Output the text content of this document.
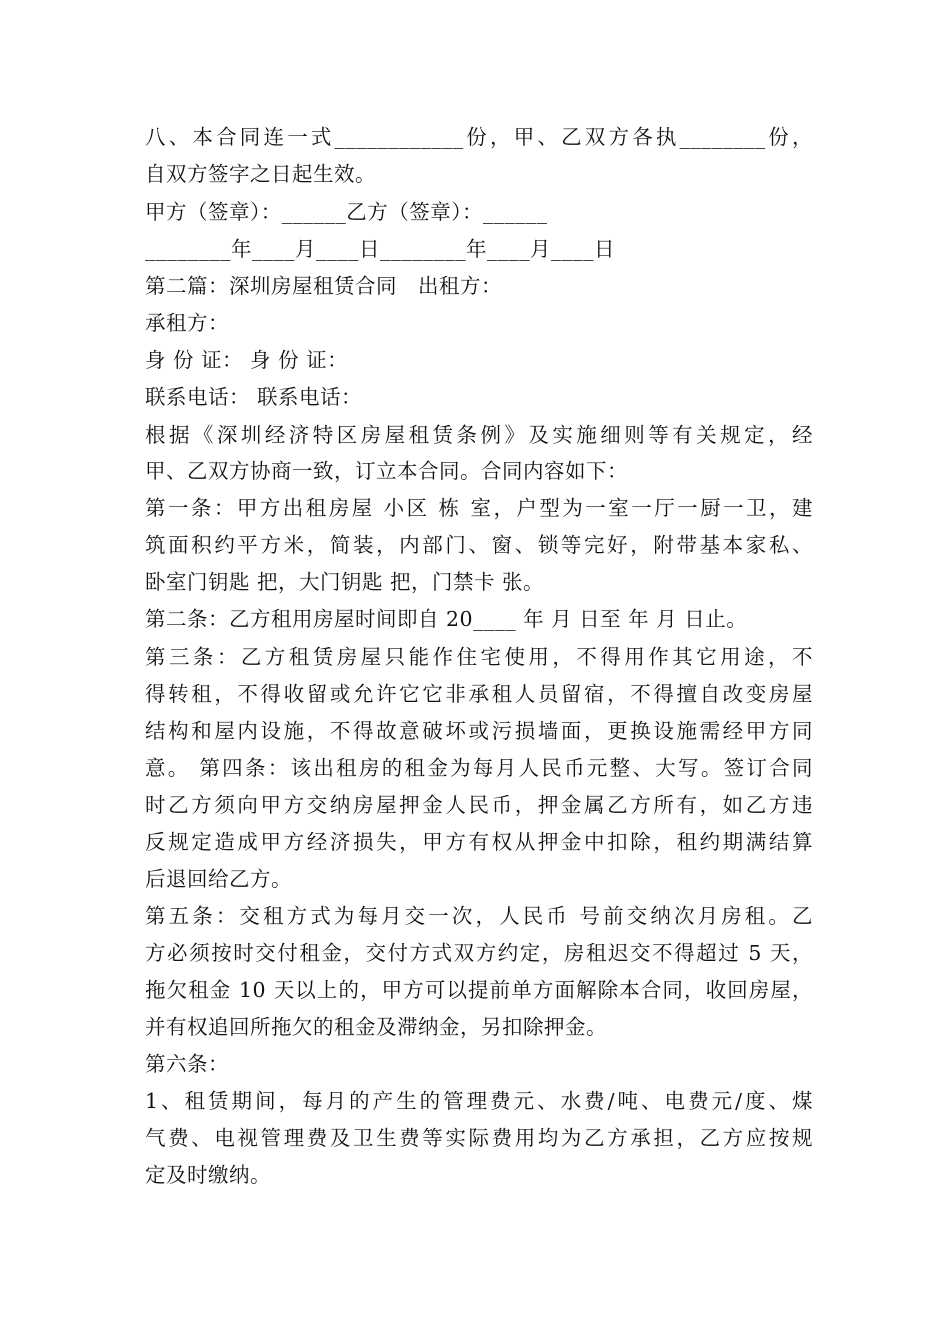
八、本合同连一式____________份，甲、乙双方各执________份，
自双方签字之日起生效。
甲方（签章）：______乙方（签章）：______
________年____月____日________年____月____日
第二篇：深圳房屋租赁合同　出租方：
承租方：
身 份 证： 身 份 证：
联系电话： 联系电话：
根据《深圳经济特区房屋租赁条例》及实施细则等有关规定，经
甲、乙双方协商一致，订立本合同。合同内容如下：
第一条：甲方出租房屋 小区 栋 室，户型为一室一厅一厨一卫，建
筑面积约平方米，简装，内部门、窗、锁等完好，附带基本家私、
卧室门钥匙 把，大门钥匙 把，门禁卡 张。
第二条：乙方租用房屋时间即自 20____ 年 月 日至 年 月 日止。
第三条：乙方租赁房屋只能作住宅使用，不得用作其它用途，不
得转租，不得收留或允许它它非承租人员留宿，不得擅自改变房屋
结构和屋内设施，不得故意破坏或污损墙面，更换设施需经甲方同
意。 第四条：该出租房的租金为每月人民币元整、大写。签订合同
时乙方须向甲方交纳房屋押金人民币，押金属乙方所有，如乙方违
反规定造成甲方经济损失，甲方有权从押金中扣除，租约期满结算
后退回给乙方。
第五条：交租方式为每月交一次，人民币 号前交纳次月房租。乙
方必须按时交付租金，交付方式双方约定，房租迟交不得超过 5 天，
拖欠租金 10 天以上的，甲方可以提前单方面解除本合同，收回房屋，
并有权追回所拖欠的租金及滞纳金，另扣除押金。
第六条：
1、租赁期间，每月的产生的管理费元、水费/吨、电费元/度、煤
气费、电视管理费及卫生费等实际费用均为乙方承担，乙方应按规
定及时缴纳。
